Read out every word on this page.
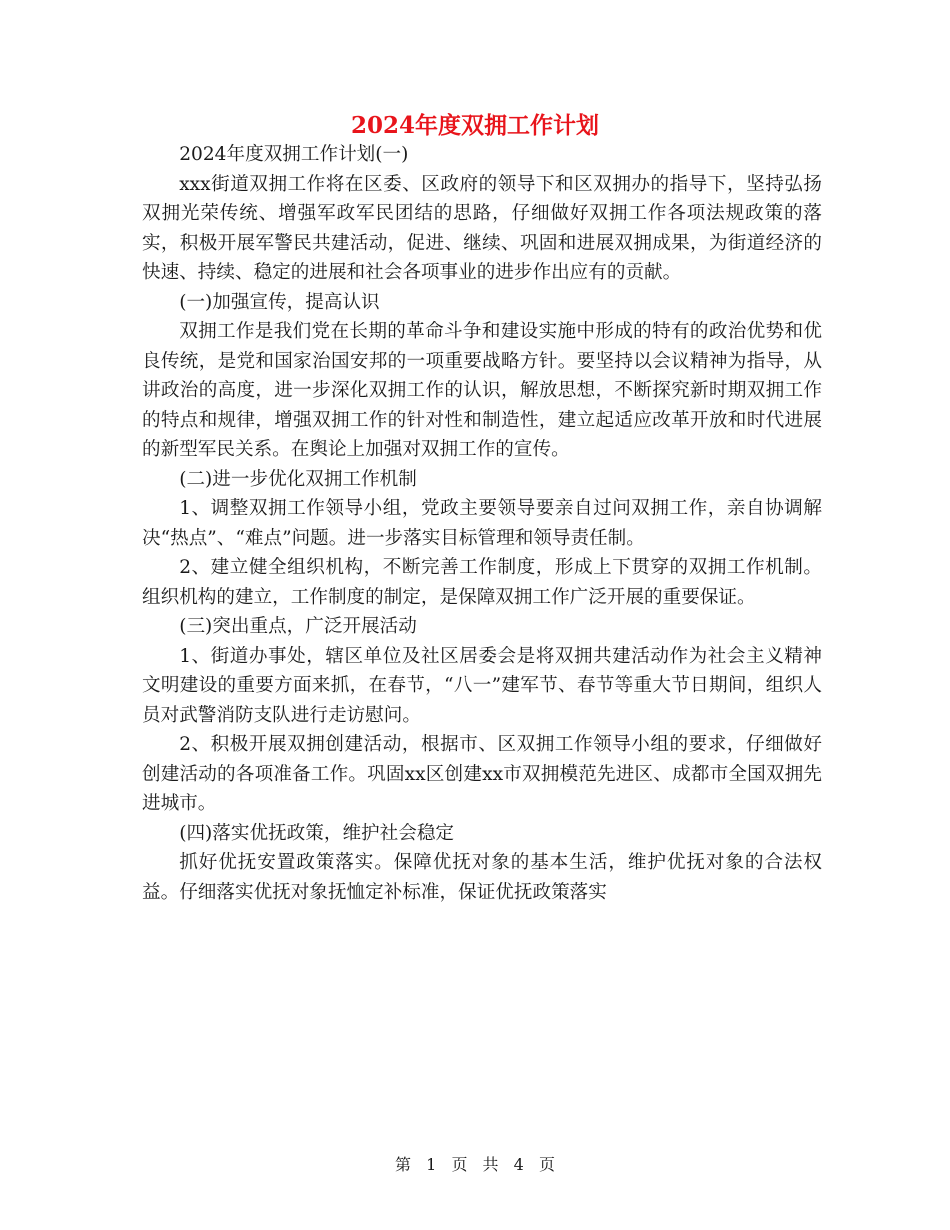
2024年度双拥工作计划

2024年度双拥工作计划(一)

xxx街道双拥工作将在区委、区政府的领导下和区双拥办的指导下，坚持弘扬双拥光荣传统、增强军政军民团结的思路，仔细做好双拥工作各项法规政策的落实，积极开展军警民共建活动，促进、继续、巩固和进展双拥成果，为街道经济的快速、持续、稳定的进展和社会各项事业的进步作出应有的贡献。

(一)加强宣传，提高认识

双拥工作是我们党在长期的革命斗争和建设实施中形成的特有的政治优势和优良传统，是党和国家治国安邦的一项重要战略方针。要坚持以会议精神为指导，从讲政治的高度，进一步深化双拥工作的认识，解放思想，不断探究新时期双拥工作的特点和规律，增强双拥工作的针对性和制造性，建立起适应改革开放和时代进展的新型军民关系。在舆论上加强对双拥工作的宣传。

(二)进一步优化双拥工作机制

1、调整双拥工作领导小组，党政主要领导要亲自过问双拥工作，亲自协调解决“热点”、“难点”问题。进一步落实目标管理和领导责任制。

2、建立健全组织机构，不断完善工作制度，形成上下贯穿的双拥工作机制。组织机构的建立，工作制度的制定，是保障双拥工作广泛开展的重要保证。

(三)突出重点，广泛开展活动

1、街道办事处，辖区单位及社区居委会是将双拥共建活动作为社会主义精神文明建设的重要方面来抓，在春节，“八一”建军节、春节等重大节日期间，组织人员对武警消防支队进行走访慰问。

2、积极开展双拥创建活动，根据市、区双拥工作领导小组的要求，仔细做好创建活动的各项准备工作。巩固xx区创建xx市双拥模范先进区、成都市全国双拥先进城市。

(四)落实优抚政策，维护社会稳定

抓好优抚安置政策落实。保障优抚对象的基本生活，维护优抚对象的合法权益。仔细落实优抚对象抚恤定补标准，保证优抚政策落实

第 1 页 共 4 页
